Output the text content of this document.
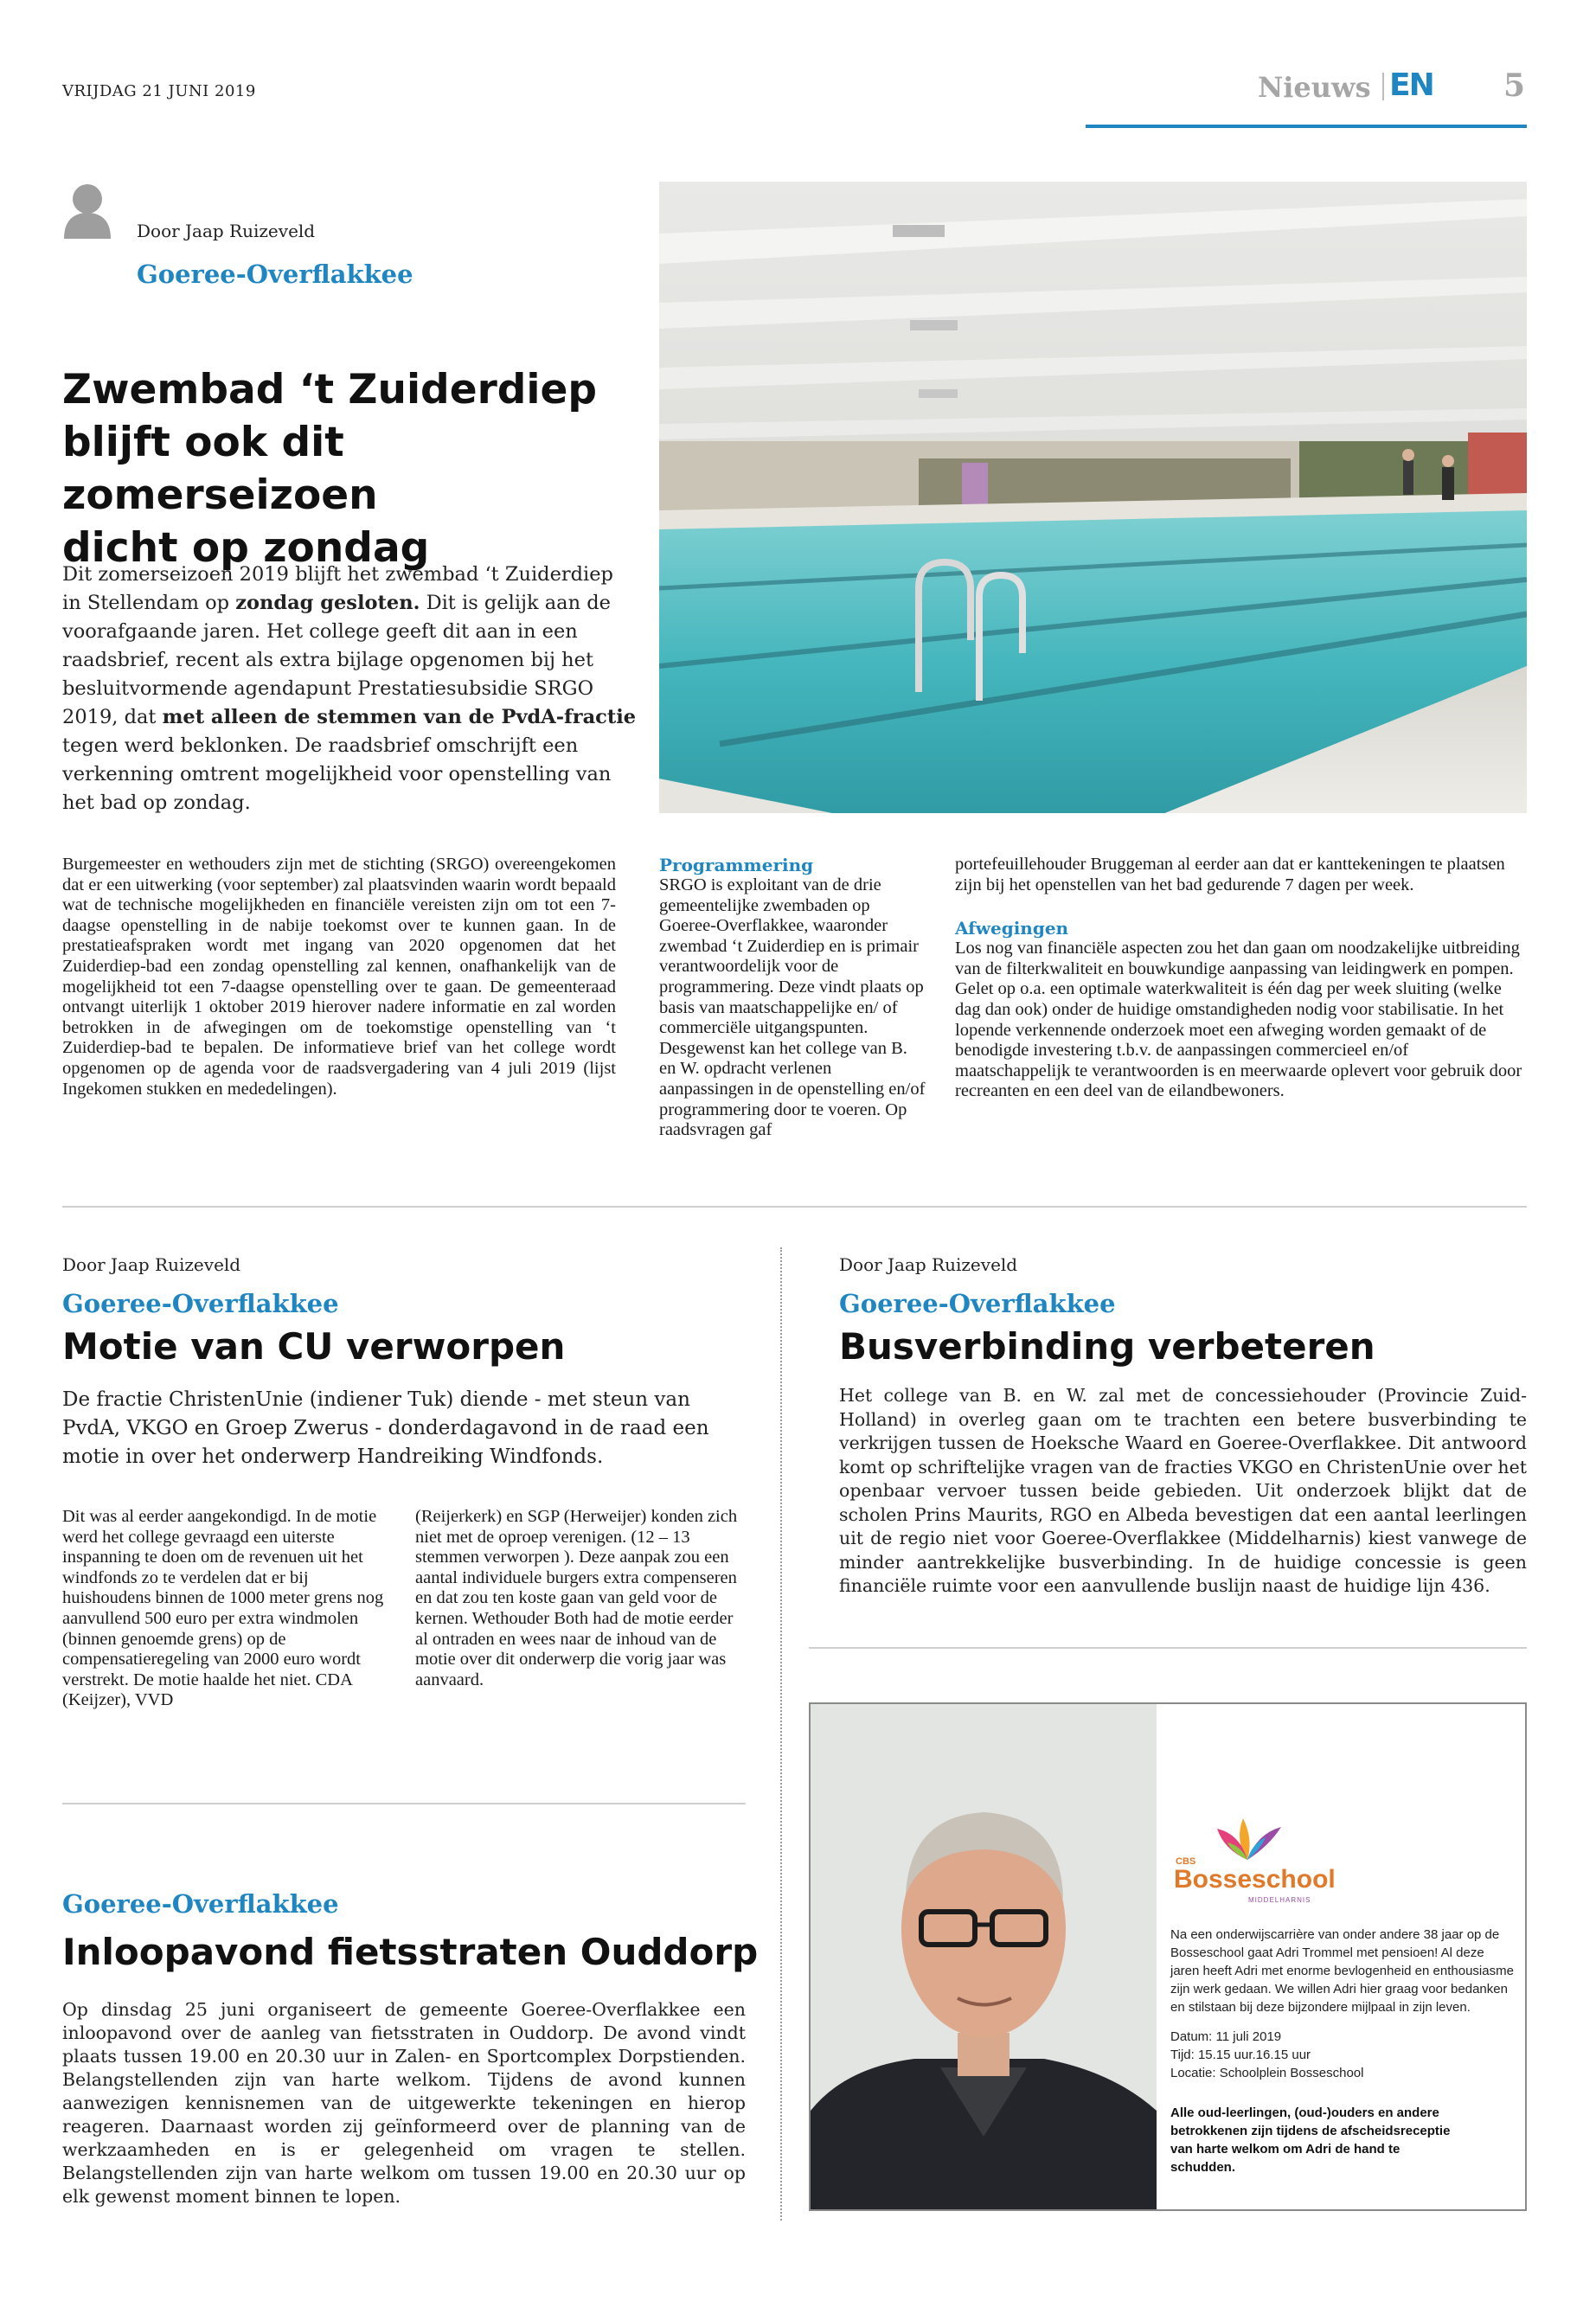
VRIJDAG 21 JUNI 2019	Nieuws EN 5
Door Jaap Ruizeveld
Goeree-Overflakkee
Zwembad ‘t Zuiderdiep
blijft ook dit zomerseizoen
dicht op zondag
Dit zomerseizoen 2019 blijft het zwembad ‘t Zuiderdiep in Stellendam op zondag gesloten. Dit is gelijk aan de voorafgaande jaren. Het college geeft dit aan in een raadsbrief, recent als extra bijlage opgenomen bij het besluitvormende agendapunt Prestatiesubsidie SRGO 2019, dat met alleen de stemmen van de PvdA-fractie tegen werd beklonken. De raadsbrief omschrijft een verkenning omtrent mogelijkheid voor openstelling van het bad op zondag.
Burgemeester en wethouders zijn met de stichting (SRGO) overeengekomen dat er een uitwerking (voor september) zal plaatsvinden waarin wordt bepaald wat de technische mogelijkheden en financiële vereisten zijn om tot een 7-daagse openstelling in de nabije toekomst over te kunnen gaan. In de prestatieafspraken wordt met ingang van 2020 opgenomen dat het Zuiderdiep-bad een zondag openstelling zal kennen, onafhankelijk van de mogelijkheid tot een 7-daagse openstelling over te gaan. De gemeenteraad ontvangt uiterlijk 1 oktober 2019 hierover nadere informatie en zal worden betrokken in de afwegingen om de toekomstige openstelling van ‘t Zuiderdiep-bad te bepalen. De informatieve brief van het college wordt opgenomen op de agenda voor de raadsvergadering van 4 juli 2019 (lijst Ingekomen stukken en mededelingen).
Programmering
SRGO is exploitant van de drie gemeentelijke zwembaden op Goeree-Overflakkee, waaronder zwembad ‘t Zuiderdiep en is primair verantwoordelijk voor de programmering. Deze vindt plaats op basis van maatschappelijke en/ of commerciële uitgangspunten. Desgewenst kan het college van B. en W. opdracht verlenen aanpassingen in de openstelling en/of programmering door te voeren. Op raadsvragen gaf
portefeuillehouder Bruggeman al eerder aan dat er kanttekeningen te plaatsen zijn bij het openstellen van het bad gedurende 7 dagen per week.
Afwegingen
Los nog van financiële aspecten zou het dan gaan om noodzakelijke uitbreiding van de filterkwaliteit en bouwkundige aanpassing van leidingwerk en pompen. Gelet op o.a. een optimale waterkwaliteit is één dag per week sluiting (welke dag dan ook) onder de huidige omstandigheden nodig voor stabilisatie. In het lopende verkennende onderzoek moet een afweging worden gemaakt of de benodigde investering t.b.v. de aanpassingen commercieel en/of maatschappelijk te verantwoorden is en meerwaarde oplevert voor gebruik door recreanten en een deel van de eilandbewoners.
Door Jaap Ruizeveld
Goeree-Overflakkee
Motie van CU verworpen
De fractie ChristenUnie (indiener Tuk) diende - met steun van PvdA, VKGO en Groep Zwerus - donderdagavond in de raad een motie in over het onderwerp Handreiking Windfonds.
Dit was al eerder aangekondigd. In de motie werd het college gevraagd een uiterste inspanning te doen om de revenuen uit het windfonds zo te verdelen dat er bij huishoudens binnen de 1000 meter grens nog aanvullend 500 euro per extra windmolen (binnen genoemde grens) op de compensatieregeling van 2000 euro wordt verstrekt. De motie haalde het niet. CDA (Keijzer), VVD
(Reijerkerk) en SGP (Herweijer) konden zich niet met de oproep verenigen. (12 – 13 stemmen verworpen ). Deze aanpak zou een aantal individuele burgers extra compenseren en dat zou ten koste gaan van geld voor de kernen. Wethouder Both had de motie eerder al ontraden en wees naar de inhoud van de motie over dit onderwerp die vorig jaar was aanvaard.
Door Jaap Ruizeveld
Goeree-Overflakkee
Busverbinding verbeteren
Het college van B. en W. zal met de concessiehouder (Provincie Zuid-Holland) in overleg gaan om te trachten een betere busverbinding te verkrijgen tussen de Hoeksche Waard en Goeree-Overflakkee. Dit antwoord komt op schriftelijke vragen van de fracties VKGO en ChristenUnie over het openbaar vervoer tussen beide gebieden. Uit onderzoek blijkt dat de scholen Prins Maurits, RGO en Albeda bevestigen dat een aantal leerlingen uit de regio niet voor Goeree-Overflakkee (Middelharnis) kiest vanwege de minder aantrekkelijke busverbinding. In de huidige concessie is geen financiële ruimte voor een aanvullende buslijn naast de huidige lijn 436.
Goeree-Overflakkee
Inloopavond fietsstraten Ouddorp
Op dinsdag 25 juni organiseert de gemeente Goeree-Overflakkee een inloopavond over de aanleg van fietsstraten in Ouddorp. De avond vindt plaats tussen 19.00 en 20.30 uur in Zalen- en Sportcomplex Dorpstienden. Belangstellenden zijn van harte welkom. Tijdens de avond kunnen aanwezigen kennisnemen van de uitgewerkte tekeningen en hierop reageren. Daarnaast worden zij geïnformeerd over de planning van de werkzaamheden en is er gelegenheid om vragen te stellen. Belangstellenden zijn van harte welkom om tussen 19.00 en 20.30 uur op elk gewenst moment binnen te lopen.
CBS
Bosseschool
MIDDELHARNIS
Na een onderwijscarrière van onder andere 38 jaar op de Bosseschool gaat Adri Trommel met pensioen! Al deze jaren heeft Adri met enorme bevlogenheid en enthousiasme zijn werk gedaan. We willen Adri hier graag voor bedanken en stilstaan bij deze bijzondere mijlpaal in zijn leven.
Datum: 11 juli 2019
Tijd: 15.15 uur.16.15 uur
Locatie: Schoolplein Bosseschool
Alle oud-leerlingen, (oud-)ouders en andere betrokkenen zijn tijdens de afscheidsreceptie van harte welkom om Adri de hand te schudden.
